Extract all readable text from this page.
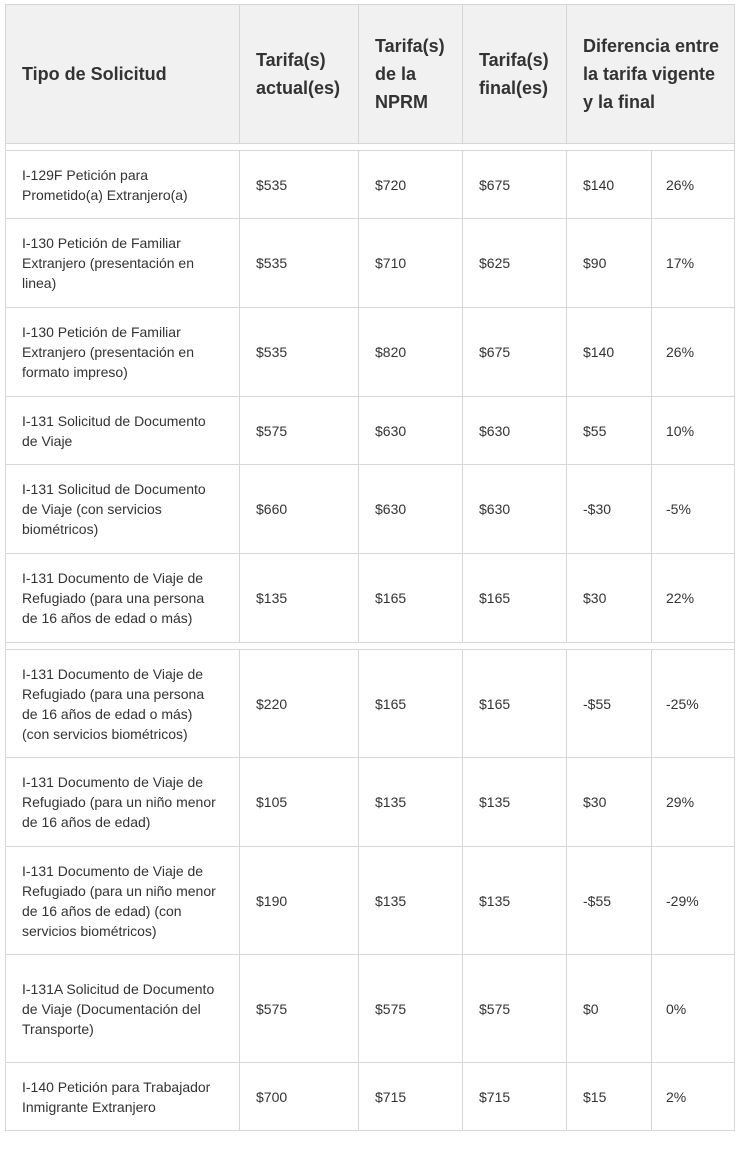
Tipo de Solicitud	Tarifa(s) actual(es)	Tarifa(s) de la NPRM	Tarifa(s) final(es)	Diferencia entre la tarifa vigente y la final	

I-129F Petición para Prometido(a) Extranjero(a)	$535	$720	$675	$140	26%
I-130 Petición de Familiar Extranjero (presentación en linea)	$535	$710	$625	$90	17%
I-130 Petición de Familiar Extranjero (presentación en formato impreso)	$535	$820	$675	$140	26%
I-131 Solicitud de Documento de Viaje	$575	$630	$630	$55	10%
I-131 Solicitud de Documento de Viaje (con servicios biométricos)	$660	$630	$630	-$30	-5%
I-131 Documento de Viaje de Refugiado (para una persona de 16 años de edad o más)	$135	$165	$165	$30	22%

I-131 Documento de Viaje de Refugiado (para una persona de 16 años de edad o más) (con servicios biométricos)	$220	$165	$165	-$55	-25%
I-131 Documento de Viaje de Refugiado (para un niño menor de 16 años de edad)	$105	$135	$135	$30	29%
I-131 Documento de Viaje de Refugiado (para un niño menor de 16 años de edad) (con servicios biométricos)	$190	$135	$135	-$55	-29%
I-131A Solicitud de Documento de Viaje (Documentación del Transporte)	$575	$575	$575	$0	0%
I-140 Petición para Trabajador Inmigrante Extranjero	$700	$715	$715	$15	2%
